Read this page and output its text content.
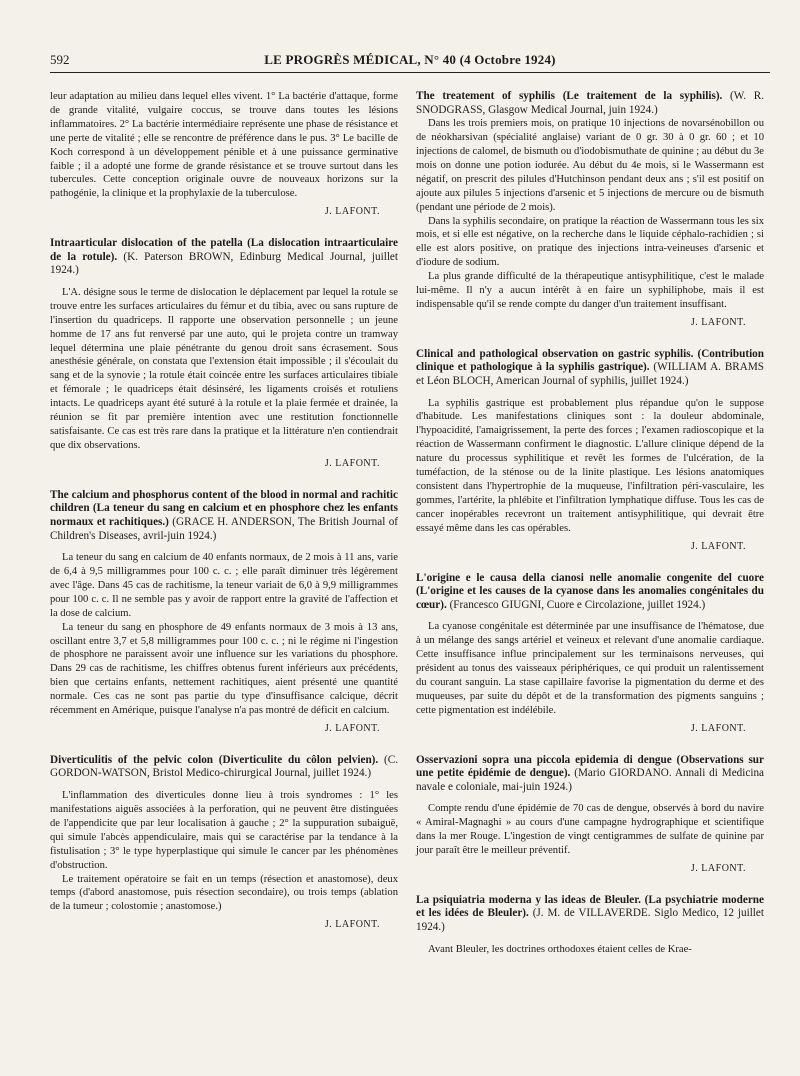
592	LE PROGRÈS MÉDICAL, N° 40 (4 Octobre 1924)

leur adaptation au milieu dans lequel elles vivent. 1° La bactérie d'attaque, forme de grande vitalité, vulgaire coccus, se trouve dans toutes les lésions inflammatoires. 2° La bactérie intermédiaire représente une phase de résistance et une perte de vitalité ; elle se rencontre de préférence dans le pus. 3° Le bacille de Koch correspond à un développement pénible et à une puissance germinative faible ; il a adopté une forme de grande résistance et se trouve surtout dans les tubercules. Cette conception originale ouvre de nouveaux horizons sur la pathogénie, la clinique et la prophylaxie de la tuberculose.

J. LAFONT.

Intraarticular dislocation of the patella (La dislocation intraarticulaire de la rotule). (K. Paterson BROWN, Edinburg Medical Journal, juillet 1924.)

L'A. désigne sous le terme de dislocation le déplacement par lequel la rotule se trouve entre les surfaces articulaires du fémur et du tibia, avec ou sans rupture de l'insertion du quadriceps. Il rapporte une observation personnelle ; un jeune homme de 17 ans fut renversé par une auto, qui le projeta contre un tramway lequel détermina une plaie pénétrante du genou droit sans écrasement. Sous anesthésie générale, on constata que l'extension était impossible ; il s'écoulait du sang et de la synovie ; la rotule était coincée entre les surfaces articulaires tibiale et fémorale ; le quadriceps était désinséré, les ligaments croisés et rotuliens intacts. Le quadriceps ayant été suturé à la rotule et la plaie fermée et drainée, la réunion se fit par première intention avec une restitution fonctionnelle satisfaisante. Ce cas est très rare dans la pratique et la littérature n'en contiendrait que dix observations.

J. LAFONT.

The calcium and phosphorus content of the blood in normal and rachitic children (La teneur du sang en calcium et en phosphore chez les enfants normaux et rachitiques.) (GRACE H. ANDERSON, The British Journal of Children's Diseases, avril-juin 1924.)

La teneur du sang en calcium de 40 enfants normaux, de 2 mois à 11 ans, varie de 6,4 à 9,5 milligrammes pour 100 c. c. ; elle paraît diminuer très légèrement avec l'âge. Dans 45 cas de rachitisme, la teneur variait de 6,0 à 9,9 milligrammes pour 100 c. c. Il ne semble pas y avoir de rapport entre la gravité de l'affection et la dose de calcium.

La teneur du sang en phosphore de 49 enfants normaux de 3 mois à 13 ans, oscillant entre 3,7 et 5,8 milligrammes pour 100 c. c. ; ni le régime ni l'ingestion de phosphore ne paraissent avoir une influence sur les variations du phosphore. Dans 29 cas de rachitisme, les chiffres obtenus furent inférieurs aux précédents, bien que certains enfants, nettement rachitiques, aient présenté une quantité normale. Ces cas ne sont pas partie du type d'insuffisance calcique, décrit récemment en Amérique, puisque l'analyse n'a pas montré de déficit en calcium.

J. LAFONT.

Diverticulitis of the pelvic colon (Diverticulite du côlon pelvien). (C. GORDON-WATSON, Bristol Medico-chirurgical Journal, juillet 1924.)

L'inflammation des diverticules donne lieu à trois syndromes : 1° les manifestations aiguës associées à la perforation, qui ne peuvent être distinguées de l'appendicite que par leur localisation à gauche ; 2° la suppuration subaiguë, qui simule l'abcès appendiculaire, mais qui se caractérise par la tendance à la fistulisation ; 3° le type hyperplastique qui simule le cancer par les phénomènes d'obstruction.

Le traitement opératoire se fait en un temps (résection et anastomose), deux temps (d'abord anastomose, puis résection secondaire), ou trois temps (ablation de la tumeur ; colostomie ; anastomose.)

J. LAFONT.

The treatement of syphilis (Le traitement de la syphilis). (W. R. SNODGRASS, Glasgow Medical Journal, juin 1924.)

Dans les trois premiers mois, on pratique 10 injections de novarsénobillon ou de néokharsivan (spécialité anglaise) variant de 0 gr. 30 à 0 gr. 60 ; et 10 injections de calomel, de bismuth ou d'iodobismuthate de quinine ; au début du 3e mois on donne une potion iodurée. Au début du 4e mois, si le Wassermann est négatif, on prescrit des pilules d'Hutchinson pendant deux ans ; s'il est positif on ajoute aux pilules 5 injections d'arsenic et 5 injections de mercure ou de bismuth (pendant une période de 2 mois).

Dans la syphilis secondaire, on pratique la réaction de Wassermann tous les six mois, et si elle est négative, on la recherche dans le liquide céphalo-rachidien ; si elle est alors positive, on pratique des injections intra-veineuses d'arsenic et d'iodure de sodium.

La plus grande difficulté de la thérapeutique antisyphilitique, c'est le malade lui-même. Il n'y a aucun intérêt à en faire un syphiliphobe, mais il est indispensable qu'il se rende compte du danger d'un traitement insuffisant.

J. LAFONT.

Clinical and pathological observation on gastric syphilis. (Contribution clinique et pathologique à la syphilis gastrique). (WILLIAM A. BRAMS et Léon BLOCH, American Journal of syphilis, juillet 1924.)

La syphilis gastrique est probablement plus répandue qu'on le suppose d'habitude. Les manifestations cliniques sont : la douleur abdominale, l'hypoacidité, l'amaigrissement, la perte des forces ; l'examen radioscopique et la réaction de Wassermann confirment le diagnostic. L'allure clinique dépend de la nature du processus syphilitique et revêt les formes de l'ulcération, de la tuméfaction, de la sténose ou de la linite plastique. Les lésions anatomiques consistent dans l'hypertrophie de la muqueuse, l'infiltration péri-vasculaire, les gommes, l'artérite, la phlébite et l'infiltration lymphatique diffuse. Tous les cas de cancer inopérables recevront un traitement antisyphilitique, qui devrait être essayé même dans les cas opérables.

J. LAFONT.

L'origine e le causa della cianosi nelle anomalie congenite del cuore (L'origine et les causes de la cyanose dans les anomalies congénitales du cœur). (Francesco GIUGNI, Cuore e Circolazione, juillet 1924.)

La cyanose congénitale est déterminée par une insuffisance de l'hématose, due à un mélange des sangs artériel et veineux et relevant d'une anomalie cardiaque. Cette insuffisance influe principalement sur les terminaisons nerveuses, qui président au tonus des vaisseaux périphériques, ce qui produit un ralentissement du courant sanguin. La stase capillaire favorise la pigmentation du derme et des muqueuses, par suite du dépôt et de la transformation des pigments sanguins ; cette pigmentation est indélébile.

J. LAFONT.

Osservazioni sopra una piccola epidemia di dengue (Observations sur une petite épidémie de dengue). (Mario GIORDANO. Annali di Medicina navale e coloniale, mai-juin 1924.)

Compte rendu d'une épidémie de 70 cas de dengue, observés à bord du navire « Amiral-Magnaghi » au cours d'une campagne hydrographique et scientifique dans la mer Rouge. L'ingestion de vingt centigrammes de sulfate de quinine par jour paraît être le meilleur préventif.

J. LAFONT.

La psiquiatria moderna y las ideas de Bleuler. (La psychiatrie moderne et les idées de Bleuler). (J. M. de VILLAVERDE. Siglo Medico, 12 juillet 1924.)

Avant Bleuler, les doctrines orthodoxes étaient celles de Krae-
